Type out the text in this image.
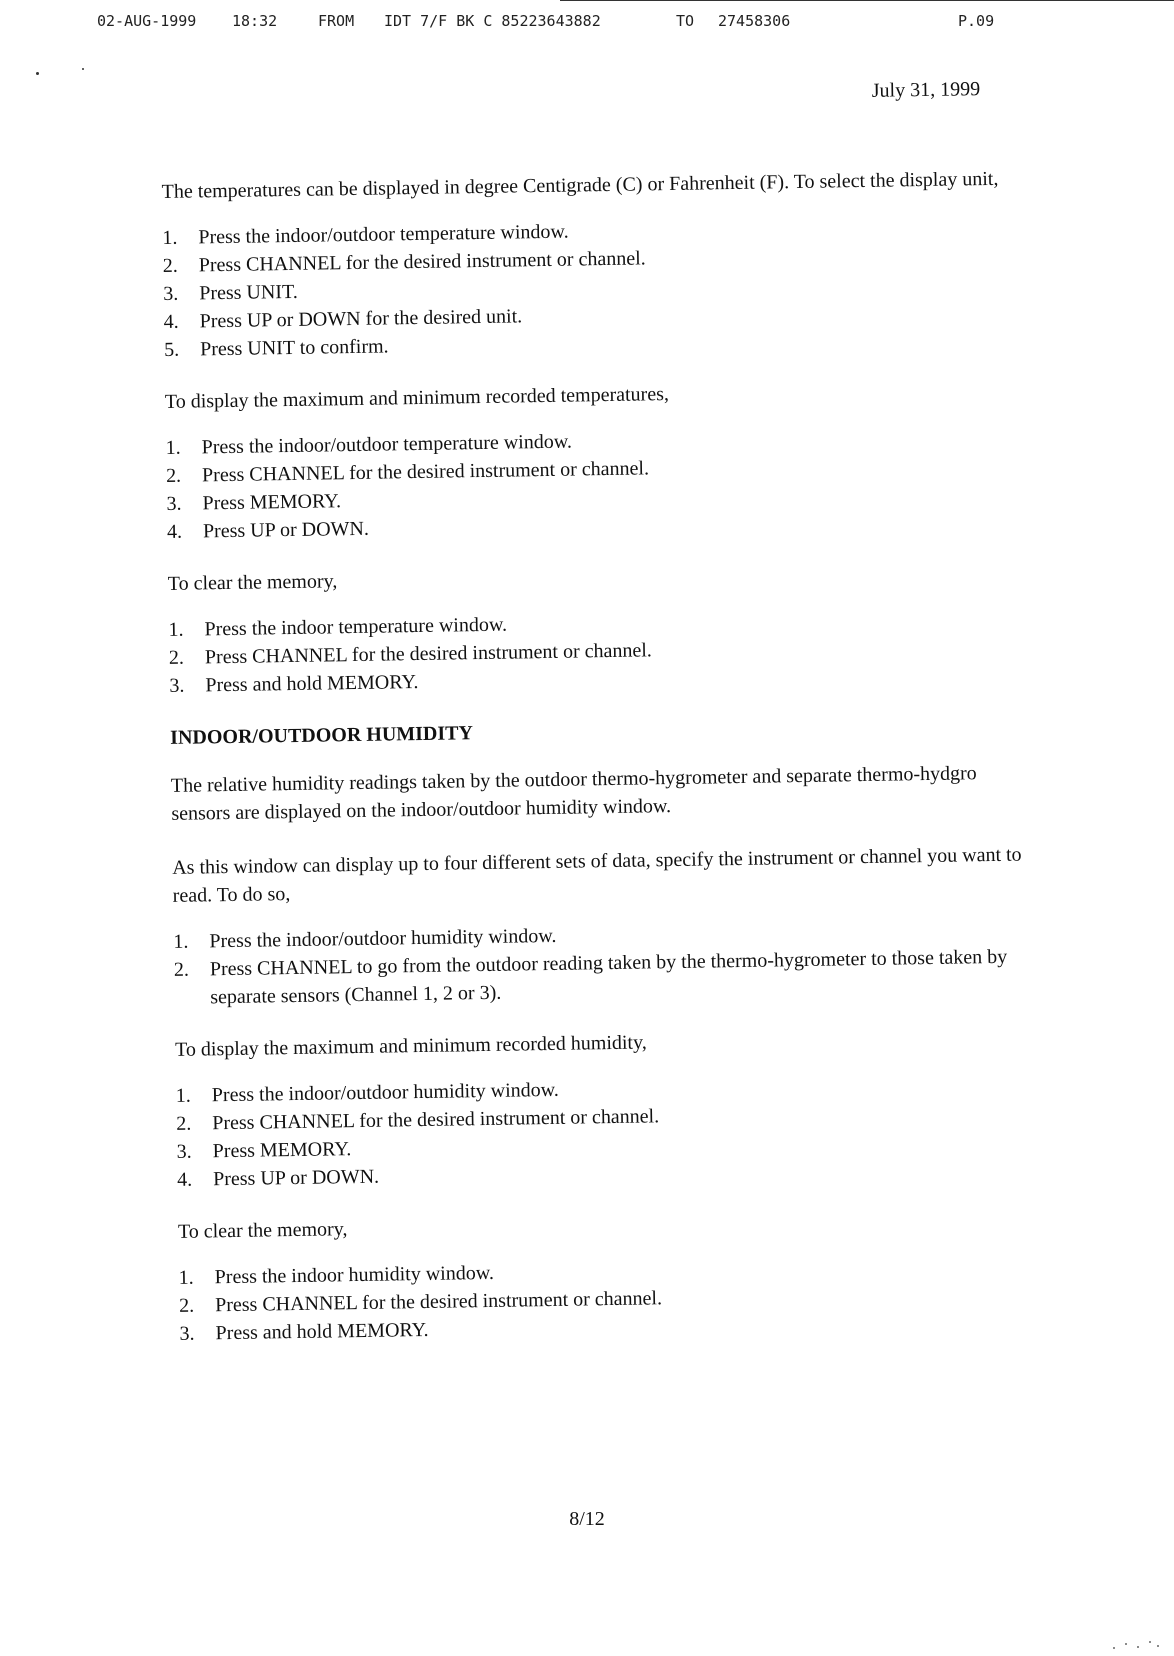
02-AUG-1999 18:32	FROM IDT 7/F BK C 85223643882	TO 27458306	P.09
July 31, 1999

The temperatures can be displayed in degree Centigrade (C) or Fahrenheit (F). To select the display unit,

1.	Press the indoor/outdoor temperature window.
2.	Press CHANNEL for the desired instrument or channel.
3.	Press UNIT.
4.	Press UP or DOWN for the desired unit.
5.	Press UNIT to confirm.

To display the maximum and minimum recorded temperatures,

1.	Press the indoor/outdoor temperature window.
2.	Press CHANNEL for the desired instrument or channel.
3.	Press MEMORY.
4.	Press UP or DOWN.

To clear the memory,

1.	Press the indoor temperature window.
2.	Press CHANNEL for the desired instrument or channel.
3.	Press and hold MEMORY.
INDOOR/OUTDOOR HUMIDITY

The relative humidity readings taken by the outdoor thermo-hygrometer and separate thermo-hydgro sensors are displayed on the indoor/outdoor humidity window.

As this window can display up to four different sets of data, specify the instrument or channel you want to read. To do so,

1.	Press the indoor/outdoor humidity window.
2.	Press CHANNEL to go from the outdoor reading taken by the thermo-hygrometer to those taken by separate sensors (Channel 1, 2 or 3).

To display the maximum and minimum recorded humidity,

1.	Press the indoor/outdoor humidity window.
2.	Press CHANNEL for the desired instrument or channel.
3.	Press MEMORY.
4.	Press UP or DOWN.

To clear the memory,

1.	Press the indoor humidity window.
2.	Press CHANNEL for the desired instrument or channel.
3.	Press and hold MEMORY.
8/12
